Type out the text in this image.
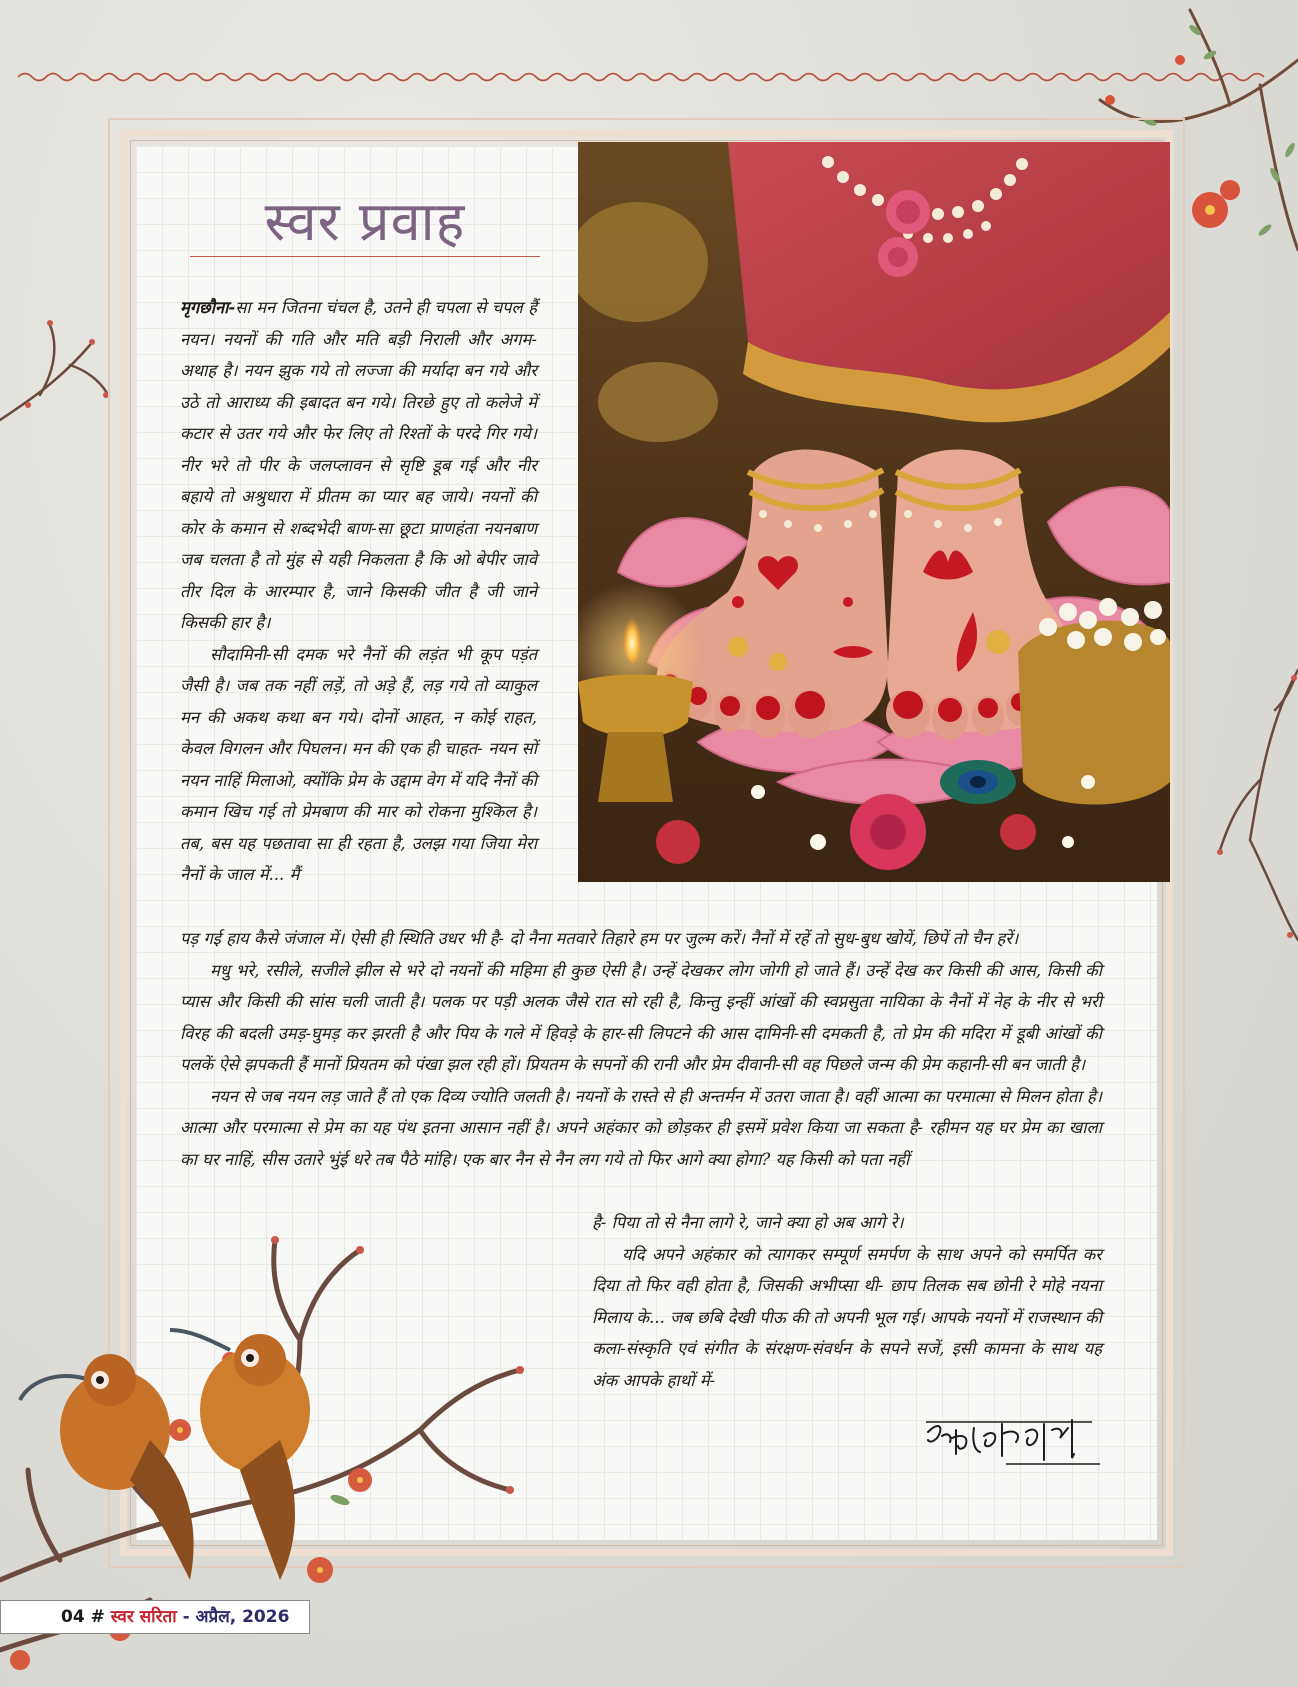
स्वर प्रवाह

मृगछौना-सा मन जितना चंचल है, उतने ही चपला से चपल हैं नयन। नयनों की गति और मति बड़ी निराली और अगम-अथाह है। नयन झुक गये तो लज्जा की मर्यादा बन गये और उठे तो आराध्य की इबादत बन गये। तिरछे हुए तो कलेजे में कटार से उतर गये और फेर लिए तो रिश्तों के परदे गिर गये। नीर भरे तो पीर के जलप्लावन से सृष्टि डूब गई और नीर बहाये तो अश्रुधारा में प्रीतम का प्यार बह जाये। नयनों की कोर के कमान से शब्दभेदी बाण-सा छूटा प्राणहंता नयनबाण जब चलता है तो मुंह से यही निकलता है कि ओ बेपीर जावे तीर दिल के आरम्पार है, जाने किसकी जीत है जी जाने किसकी हार है।

सौदामिनी-सी दमक भरे नैनों की लड़ंत भी कूप पड़ंत जैसी है। जब तक नहीं लड़ें, तो अड़े हैं, लड़ गये तो व्याकुल मन की अकथ कथा बन गये। दोनों आहत, न कोई राहत, केवल विगलन और पिघलन। मन की एक ही चाहत- नयन सों नयन नाहिं मिलाओ, क्योंकि प्रेम के उद्दाम वेग में यदि नैनों की कमान खिच गई तो प्रेमबाण की मार को रोकना मुश्किल है। तब, बस यह पछतावा सा ही रहता है, उलझ गया जिया मेरा नैनों के जाल में... मैं

पड़ गई हाय कैसे जंजाल में। ऐसी ही स्थिति उधर भी है- दो नैना मतवारे तिहारे हम पर जुल्म करें। नैनों में रहें तो सुध-बुध खोयें, छिपें तो चैन हरें।

मधु भरे, रसीले, सजीले झील से भरे दो नयनों की महिमा ही कुछ ऐसी है। उन्हें देखकर लोग जोगी हो जाते हैं। उन्हें देख कर किसी की आस, किसी की प्यास और किसी की सांस चली जाती है। पलक पर पड़ी अलक जैसे रात सो रही है, किन्तु इन्हीं आंखों की स्वप्नसुता नायिका के नैनों में नेह के नीर से भरी विरह की बदली उमड़-घुमड़ कर झरती है और पिय के गले में हिवड़े के हार-सी लिपटने की आस दामिनी-सी दमकती है, तो प्रेम की मदिरा में डूबी आंखों की पलकें ऐसे झपकती हैं मानों प्रियतम को पंखा झल रही हों। प्रियतम के सपनों की रानी और प्रेम दीवानी-सी वह पिछले जन्म की प्रेम कहानी-सी बन जाती है।

नयन से जब नयन लड़ जाते हैं तो एक दिव्य ज्योति जलती है। नयनों के रास्ते से ही अन्तर्मन में उतरा जाता है। वहीं आत्मा का परमात्मा से मिलन होता है। आत्मा और परमात्मा से प्रेम का यह पंथ इतना आसान नहीं है। अपने अहंकार को छोड़कर ही इसमें प्रवेश किया जा सकता है- रहीमन यह घर प्रेम का खाला का घर नाहिं, सीस उतारे भुंई धरे तब पैठे मांहि। एक बार नैन से नैन लग गये तो फिर आगे क्या होगा? यह किसी को पता नहीं

है- पिया तो से नैना लागे रे, जाने क्या हो अब आगे रे।

यदि अपने अहंकार को त्यागकर सम्पूर्ण समर्पण के साथ अपने को समर्पित कर दिया तो फिर वही होता है, जिसकी अभीप्सा थी- छाप तिलक सब छोनी रे मोहे नयना मिलाय के... जब छबि देखी पीऊ की तो अपनी भूल गई। आपके नयनों में राजस्थान की कला-संस्कृति एवं संगीत के संरक्षण-संवर्धन के सपने सजें, इसी कामना के साथ यह अंक आपके हाथों में-

04 # स्वर सरिता - अप्रैल, 2026
